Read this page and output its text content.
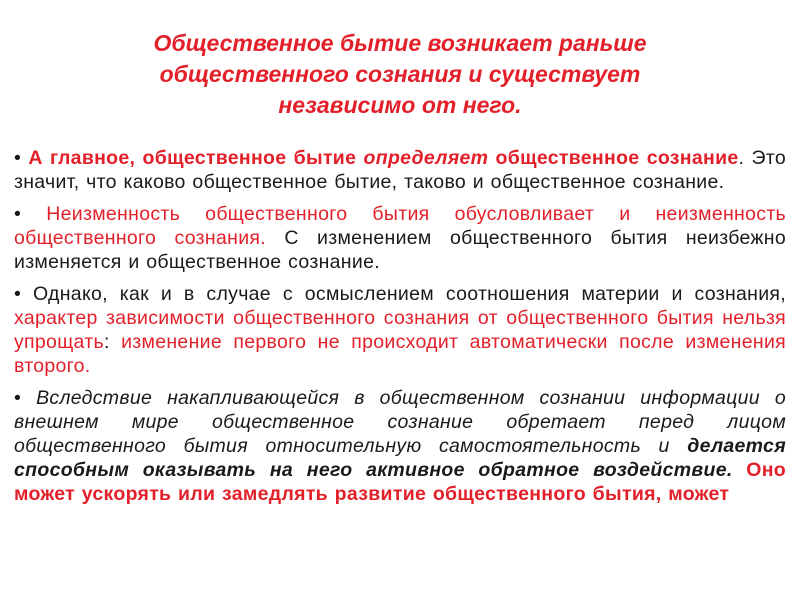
Общественное бытие возникает раньше
общественного сознания и существует
независимо от него.

• А главное, общественное бытие определяет общественное сознание. Это значит, что каково общественное бытие, таково и общественное сознание.

• Неизменность общественного бытия обусловливает и неизменность общественного сознания. С изменением общественного бытия неизбежно изменяется и общественное сознание.

• Однако, как и в случае с осмыслением соотношения материи и сознания, характер зависимости общественного сознания от общественного бытия нельзя упрощать: изменение первого не происходит автоматически после изменения второго.

• Вследствие накапливающейся в общественном сознании информации о внешнем мире общественное сознание обретает перед лицом общественного бытия относительную самостоятельность и делается способным оказывать на него активное обратное воздействие. Оно может ускорять или замедлять развитие общественного бытия, может
